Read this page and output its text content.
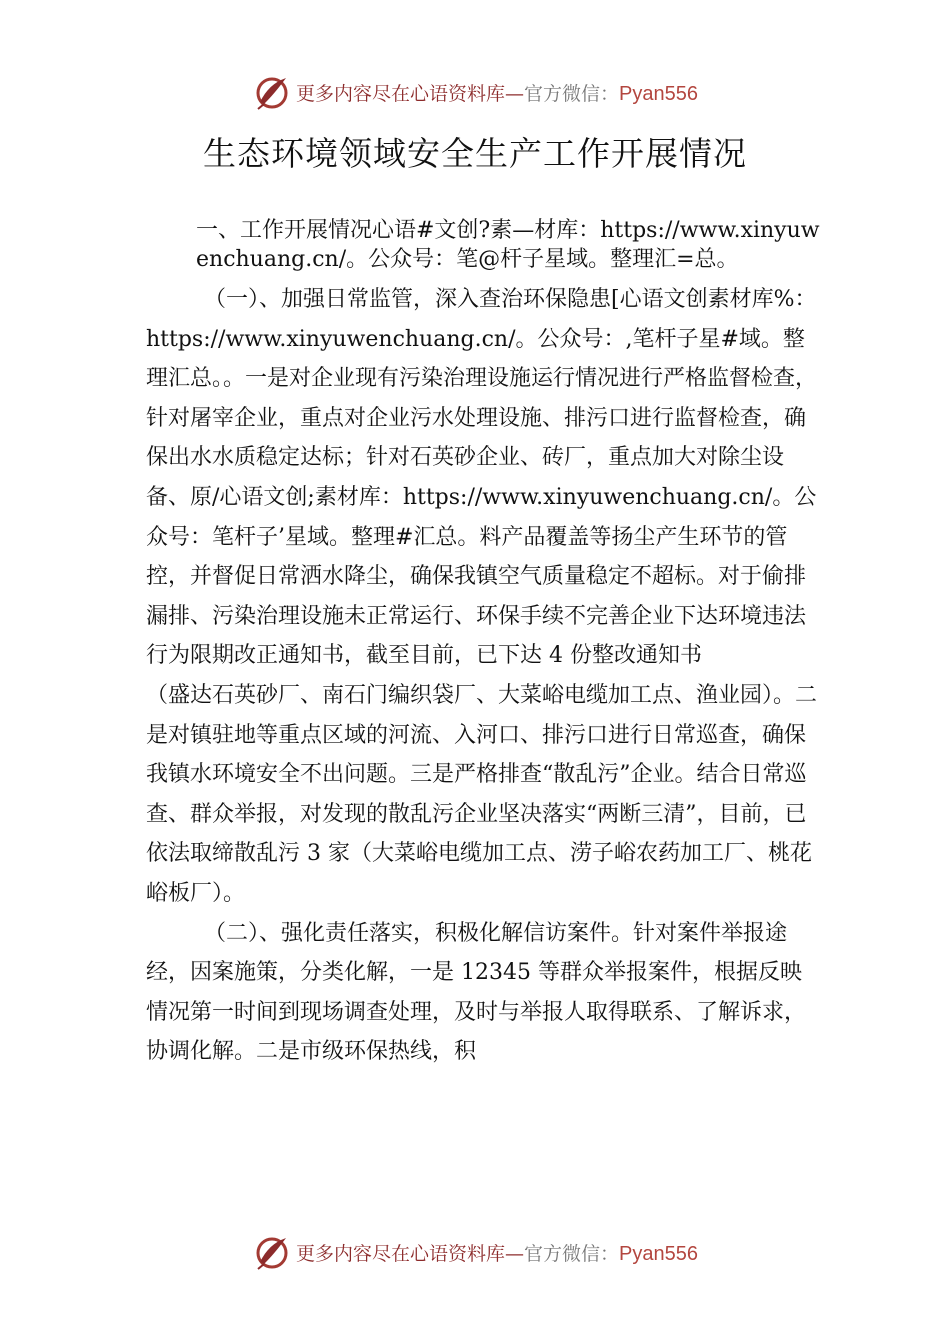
更多内容尽在心语资料库—官方微信：Pyan556
生态环境领域安全生产工作开展情况

一、工作开展情况心语#文创?素—材库：https://www.xinyuwenchuang.cn/。公众号：笔@杆子星域。整理汇=总。

（一）、加强日常监管，深入查治环保隐患[心语文创素材库%：https://www.xinyuwenchuang.cn/。公众号：,笔杆子星#域。整理汇总。。一是对企业现有污染治理设施运行情况进行严格监督检查，针对屠宰企业，重点对企业污水处理设施、排污口进行监督检查，确保出水水质稳定达标；针对石英砂企业、砖厂，重点加大对除尘设备、原/心语文创;素材库：https://www.xinyuwenchuang.cn/。公众号：笔杆子’星域。整理#汇总。料产品覆盖等扬尘产生环节的管控，并督促日常洒水降尘，确保我镇空气质量稳定不超标。对于偷排漏排、污染治理设施未正常运行、环保手续不完善企业下达环境违法行为限期改正通知书，截至目前，已下达 4 份整改通知书

（盛达石英砂厂、南石门编织袋厂、大菜峪电缆加工点、渔业园）。二是对镇驻地等重点区域的河流、入河口、排污口进行日常巡查，确保我镇水环境安全不出问题。三是严格排查“散乱污”企业。结合日常巡查、群众举报，对发现的散乱污企业坚决落实“两断三清”，目前，已依法取缔散乱污 3 家（大菜峪电缆加工点、涝子峪农药加工厂、桃花峪板厂）。

（二）、强化责任落实，积极化解信访案件。针对案件举报途经，因案施策，分类化解，一是 12345 等群众举报案件，根据反映情况第一时间到现场调查处理，及时与举报人取得联系、了解诉求，协调化解。二是市级环保热线，积

更多内容尽在心语资料库—官方微信：Pyan556
